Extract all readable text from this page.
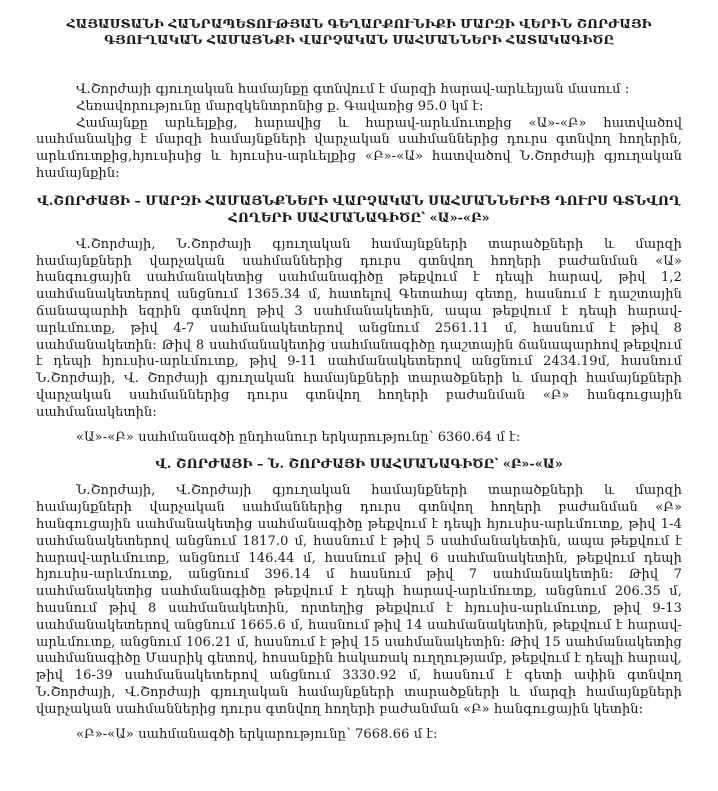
ՀԱՅԱՍՏԱՆԻ ՀԱՆՐԱՊԵՏՈՒԹՅԱՆ ԳԵՂԱՐՔՈՒՆԻՔԻ ՄԱՐԶԻ ՎԵՐԻՆ ՇՈՐԺԱՅԻ
ԳՅՈՒՂԱԿԱՆ ՀԱՄԱՅՆՔԻ ՎԱՐՉԱԿԱՆ ՍԱՀՄԱՆՆԵՐԻ ՀԱՏԱԿԱԳԻԾԸ

Վ.Շորժայի գյուղական համայնքը գտնվում է մարզի հարավ-արևելյան մասում :

Հեռավորությունը մարզկենտրոնից ք. Գավառից 95.0 կմ է:

Համայնքը արևելքից, հարավից և հարավ-արևմուտքից «Ա»-«Բ» հատվածով սահմանակից է մարզի համայնքների վարչական սահմաններից դուրս գտնվող հողերին, արևմուտքից,հյուսիսից և հյուսիս-արևելքից «Բ»-«Ա» հատվածով Ն.Շորժայի գյուղական համայնքին:

Վ.ՇՈՐԺԱՅԻ – ՄԱՐԶԻ ՀԱՄԱՅՆՔՆԵՐԻ ՎԱՐՉԱԿԱՆ ՍԱՀՄԱՆՆԵՐԻՑ ԴՈՒՐՍ ԳՏՆՎՈՂ
ՀՈՂԵՐԻ ՍԱՀՄԱՆԱԳԻԾԸ՝ «Ա»-«Բ»

Վ.Շորժայի, Ն.Շորժայի գյուղական համայնքների տարածքների և մարզի համայնքների վարչական սահմաններից դուրս գտնվող հողերի բաժանման «Ա» հանգուցային սահմանակետից սահմանագիծը թեքվում է դեպի հարավ, թիվ 1,2 սահմանակետերով անցնում 1365.34 մ, հատելով Գետահայ գետը, հասնում է դաշտային ճանապարհի եզրին գտնվող թիվ 3 սահմանակետին, ապա թեքվում է դեպի հարավ-արևմուտք, թիվ 4-7 սահմանակետերով անցնում 2561.11 մ, հասնում է թիվ 8 սահմանակետին: Թիվ 8 սահմանակետից սահմանագիծը դաշտային ճանապարհով թեքվում է դեպի հյուսիս-արևմուտք, թիվ 9-11 սահմանակետերով անցնում 2434.19մ, հասնում Ն.Շորժայի, Վ. Շորժայի գյուղական համայնքների տարածքների և մարզի համայնքների վարչական սահմաններից դուրս գտնվող հողերի բաժանման «Բ» հանգուցային սահմանակետին:

«Ա»-«Բ» սահմանագծի ընդհանուր երկարությունը՝ 6360.64 մ է:

Վ. ՇՈՐԺԱՅԻ – Ն. ՇՈՐԺԱՅԻ ՍԱՀՄԱՆԱԳԻԾԸ՝ «Բ»-«Ա»

Ն.Շորժայի, Վ.Շորժայի գյուղական համայնքների տարածքների և մարզի համայնքների վարչական սահմաններից դուրս գտնվող հողերի բաժանման «Բ» հանգուցային սահմանակետից սահմանագիծը թեքվում է դեպի հյուսիս-արևմուտք, թիվ 1-4 սահմանակետերով անցնում 1817.0 մ, հասնում է թիվ 5 սահմանակետին, ապա թեքվում է հարավ-արևմուտք, անցնում 146.44 մ, հասնում թիվ 6 սահմանակետին, թեքվում դեպի հյուսիս-արևմուտք, անցնում 396.14 մ հասնում թիվ 7 սահմանակետին: Թիվ 7 սահմանակետից սահմանագիծը թեքվում է դեպի հարավ-արևմուտք, անցնում 206.35 մ, հասնում թիվ 8 սահմանակետին, որտեղից թեքվում է հյուսիս-արևմուտք, թիվ 9-13 սահմանակետերով անցնում 1665.6 մ, հասնում թիվ 14 սահմանակետին, թեքվում է հարավ-արևմուտք, անցնում 106.21 մ, հասնում է թիվ 15 սահմանակետին: Թիվ 15 սահմանակետից սահմանագիծը Մասրիկ գետով, հոսանքին հակառակ ուղղությամբ, թեքվում է դեպի հարավ, թիվ 16-39 սահմանակետերով անցնում 3330.92 մ, հասնում է գետի ափին գտնվող Ն.Շորժայի, Վ.Շորժայի գյուղական համայնքների տարածքների և մարզի համայնքների վարչական սահմաններից դուրս գտնվող հողերի բաժանման «Բ» հանգուցային կետին:

«Բ»-«Ա» սահմանագծի երկարությունը՝ 7668.66 մ է:
